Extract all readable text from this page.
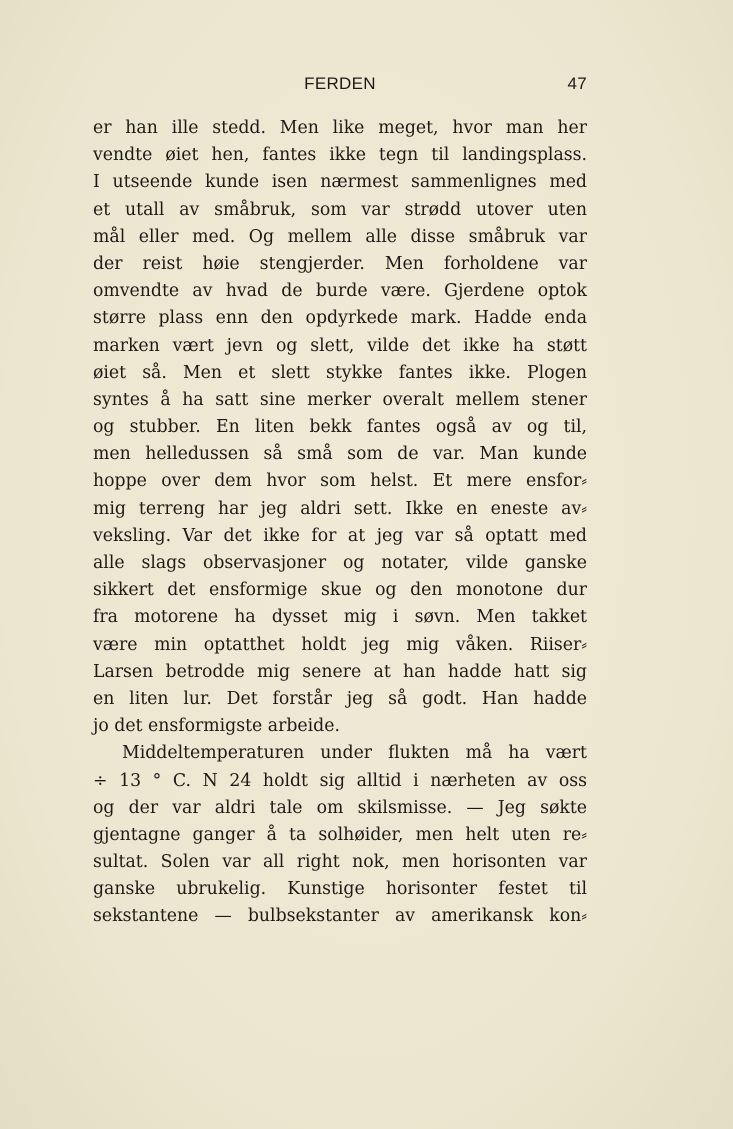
FERDEN	47
er han ille stedd. Men like meget, hvor man her
vendte øiet hen, fantes ikke tegn til landingsplass.
I utseende kunde isen nærmest sammenlignes med
et utall av småbruk, som var strødd utover uten
mål eller med. Og mellem alle disse småbruk var
der reist høie stengjerder. Men forholdene var
omvendte av hvad de burde være. Gjerdene optok
større plass enn den opdyrkede mark. Hadde enda
marken vært jevn og slett, vilde det ikke ha støtt
øiet så. Men et slett stykke fantes ikke. Plogen
syntes å ha satt sine merker overalt mellem stener
og stubber. En liten bekk fantes også av og til,
men helledussen så små som de var. Man kunde
hoppe over dem hvor som helst. Et mere ensfor⸗
mig terreng har jeg aldri sett. Ikke en eneste av⸗
veksling. Var det ikke for at jeg var så optatt med
alle slags observasjoner og notater, vilde ganske
sikkert det ensformige skue og den monotone dur
fra motorene ha dysset mig i søvn. Men takket
være min optatthet holdt jeg mig våken. Riiser⸗
Larsen betrodde mig senere at han hadde hatt sig
en liten lur. Det forstår jeg så godt. Han hadde
jo det ensformigste arbeide.
Middeltemperaturen under flukten må ha vært
÷ 13 ° C. N 24 holdt sig alltid i nærheten av oss
og der var aldri tale om skilsmisse. — Jeg søkte
gjentagne ganger å ta solhøider, men helt uten re⸗
sultat. Solen var all right nok, men horisonten var
ganske ubrukelig. Kunstige horisonter festet til
sekstantene — bulbsekstanter av amerikansk kon⸗
